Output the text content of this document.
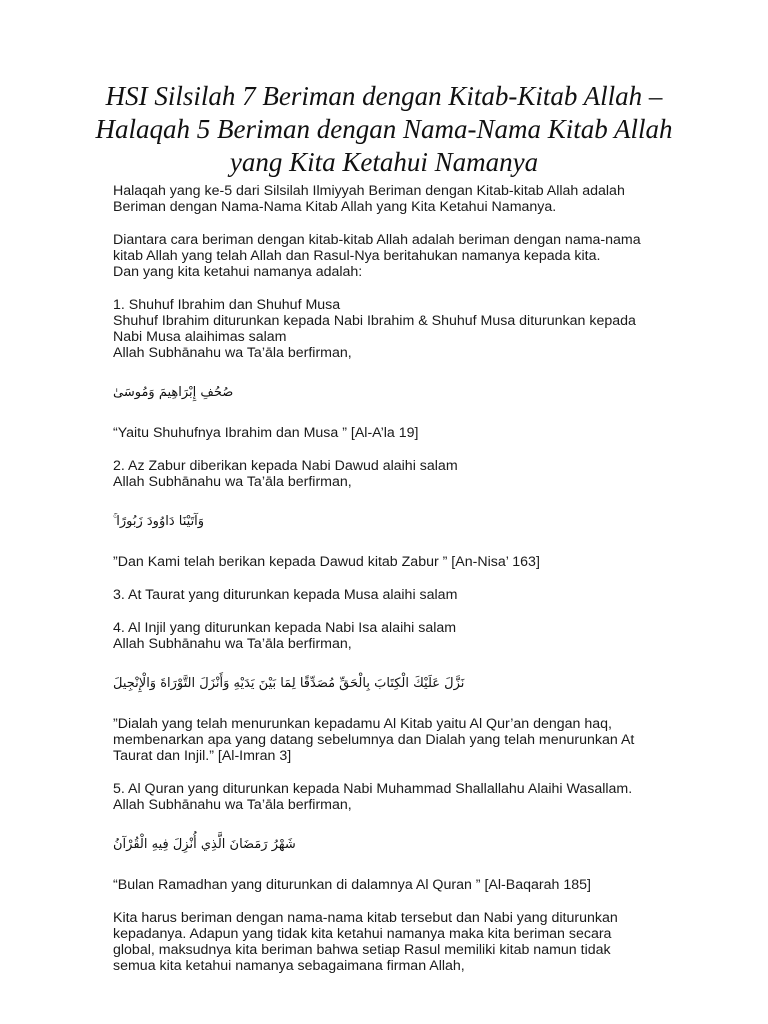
HSI Silsilah 7 Beriman dengan Kitab-Kitab Allah – Halaqah 5 Beriman dengan Nama-Nama Kitab Allah yang Kita Ketahui Namanya

Halaqah yang ke-5 dari Silsilah Ilmiyyah Beriman dengan Kitab-kitab Allah adalah
Beriman dengan Nama-Nama Kitab Allah yang Kita Ketahui Namanya.

Diantara cara beriman dengan kitab-kitab Allah adalah beriman dengan nama-nama
kitab Allah yang telah Allah dan Rasul-Nya beritahukan namanya kepada kita.
Dan yang kita ketahui namanya adalah:

1. Shuhuf Ibrahim dan Shuhuf Musa
Shuhuf Ibrahim diturunkan kepada Nabi Ibrahim & Shuhuf Musa diturunkan kepada
Nabi Musa alaihimas salam
Allah Subhānahu wa Ta’āla berfirman,

صُحُفِ إِبْرَاهِيمَ وَمُوسَىٰ

“Yaitu Shuhufnya Ibrahim dan Musa ” [Al-A’la 19]

2. Az Zabur diberikan kepada Nabi Dawud alaihi salam
Allah Subhānahu wa Ta’āla berfirman,

وَآتَيْنَا دَاوُودَ زَبُورًا ۚ

”Dan Kami telah berikan kepada Dawud kitab Zabur ” [An-Nisa’ 163]

3. At Taurat yang diturunkan kepada Musa alaihi salam

4. Al Injil yang diturunkan kepada Nabi Isa alaihi salam
Allah Subhānahu wa Ta’āla berfirman,

نَزَّلَ عَلَيْكَ الْكِتَابَ بِالْحَقِّ مُصَدِّقًا لِمَا بَيْنَ يَدَيْهِ وَأَنْزَلَ التَّوْرَاةَ وَالْإِنْجِيلَ

”Dialah yang telah menurunkan kepadamu Al Kitab yaitu Al Qur’an dengan haq,
membenarkan apa yang datang sebelumnya dan Dialah yang telah menurunkan At
Taurat dan Injil.” [Al-Imran 3]

5. Al Quran yang diturunkan kepada Nabi Muhammad Shallallahu Alaihi Wasallam.
Allah Subhānahu wa Ta’āla berfirman,

شَهْرُ رَمَضَانَ الَّذِي أُنْزِلَ فِيهِ الْقُرْآنُ

“Bulan Ramadhan yang diturunkan di dalamnya Al Quran ” [Al-Baqarah 185]

Kita harus beriman dengan nama-nama kitab tersebut dan Nabi yang diturunkan
kepadanya. Adapun yang tidak kita ketahui namanya maka kita beriman secara
global, maksudnya kita beriman bahwa setiap Rasul memiliki kitab namun tidak
semua kita ketahui namanya sebagaimana firman Allah,
